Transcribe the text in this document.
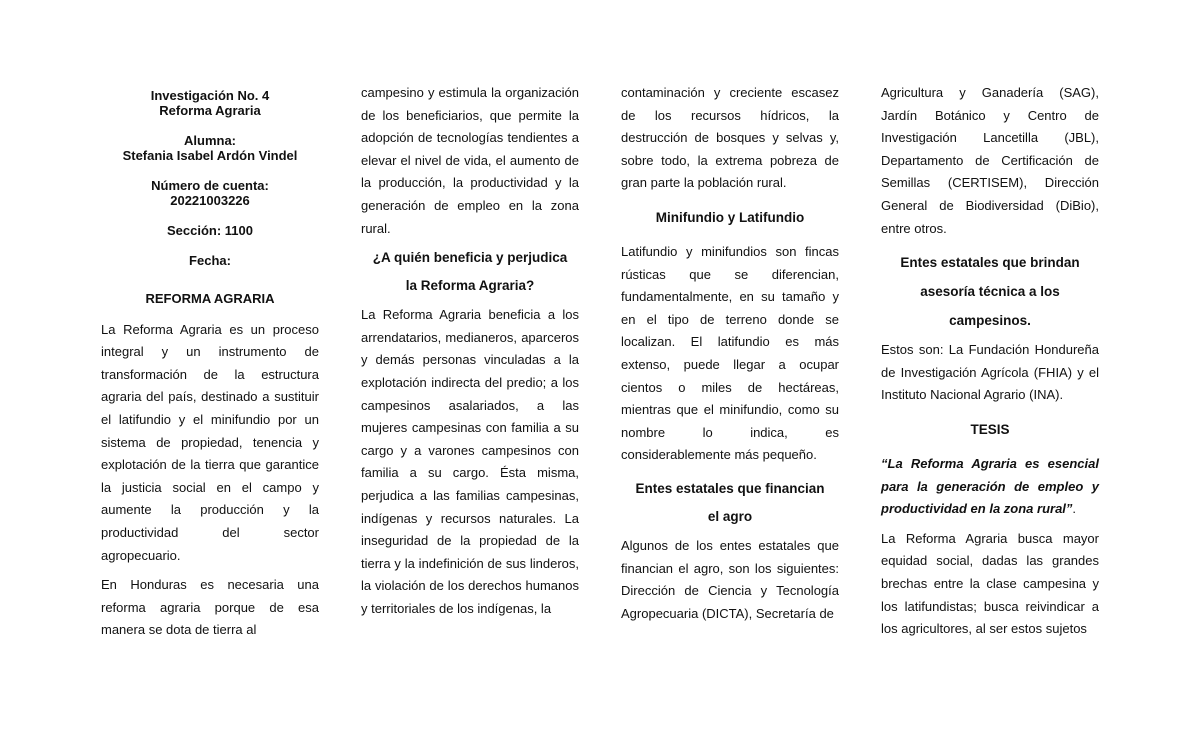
Investigación No. 4
Reforma Agraria
Alumna:
Stefania Isabel Ardón Vindel
Número de cuenta:
20221003226
Sección: 1100
Fecha:
REFORMA AGRARIA

La Reforma Agraria es un proceso integral y un instrumento de transformación de la estructura agraria del país, destinado a sustituir el latifundio y el minifundio por un sistema de propiedad, tenencia y explotación de la tierra que garantice la justicia social en el campo y aumente la producción y la productividad del sector agropecuario.

En Honduras es necesaria una reforma agraria porque de esa manera se dota de tierra al

campesino y estimula la organización de los beneficiarios, que permite la adopción de tecnologías tendientes a elevar el nivel de vida, el aumento de la producción, la productividad y la generación de empleo en la zona rural.

¿A quién beneficia y perjudica
la Reforma Agraria?

La Reforma Agraria beneficia a los arrendatarios, medianeros, aparceros y demás personas vinculadas a la explotación indirecta del predio; a los campesinos asalariados, a las mujeres campesinas con familia a su cargo y a varones campesinos con familia a su cargo. Ésta misma, perjudica a las familias campesinas, indígenas y recursos naturales. La inseguridad de la propiedad de la tierra y la indefinición de sus linderos, la violación de los derechos humanos y territoriales de los indígenas, la

contaminación y creciente escasez de los recursos hídricos, la destrucción de bosques y selvas y, sobre todo, la extrema pobreza de gran parte la población rural.

Minifundio y Latifundio

Latifundio y minifundios son fincas rústicas que se diferencian, fundamentalmente, en su tamaño y en el tipo de terreno donde se localizan. El latifundio es más extenso, puede llegar a ocupar cientos o miles de hectáreas, mientras que el minifundio, como su nombre lo indica, es considerablemente más pequeño.

Entes estatales que financian
el agro

Algunos de los entes estatales que financian el agro, son los siguientes: Dirección de Ciencia y Tecnología Agropecuaria (DICTA), Secretaría de

Agricultura y Ganadería (SAG), Jardín Botánico y Centro de Investigación Lancetilla (JBL), Departamento de Certificación de Semillas (CERTISEM), Dirección General de Biodiversidad (DiBio), entre otros.

Entes estatales que brindan
asesoría técnica a los
campesinos.

Estos son: La Fundación Hondureña de Investigación Agrícola (FHIA) y el Instituto Nacional Agrario (INA).

TESIS

“La Reforma Agraria es esencial para la generación de empleo y productividad en la zona rural”.

La Reforma Agraria busca mayor equidad social, dadas las grandes brechas entre la clase campesina y los latifundistas; busca reivindicar a los agricultores, al ser estos sujetos
